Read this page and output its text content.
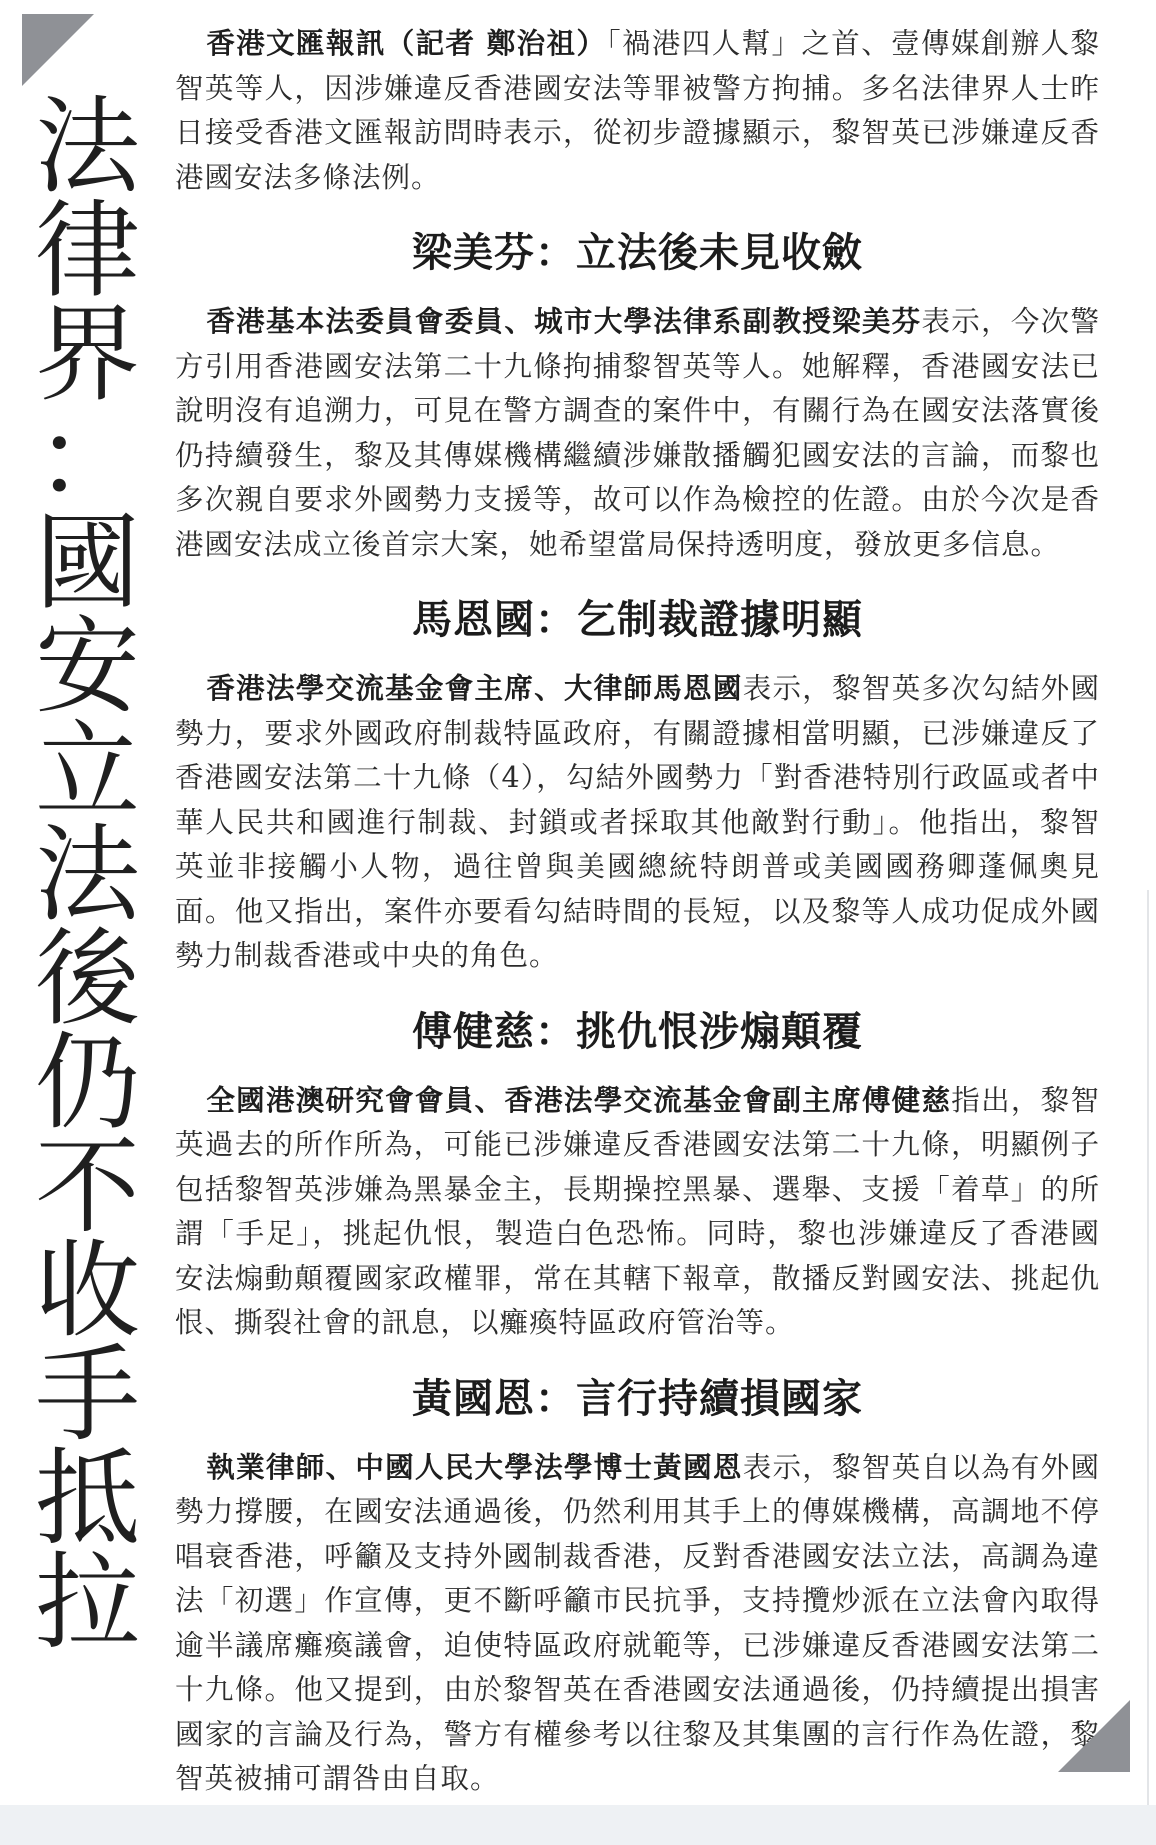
法
律
界
：
國
安
立
法
後
仍
不
收
手
抵
拉

香港文匯報訊（記者 鄭治祖）「禍港四人幫」之首、壹傳媒創辦人黎智英等人，因涉嫌違反香港國安法等罪被警方拘捕。多名法律界人士昨日接受香港文匯報訪問時表示，從初步證據顯示，黎智英已涉嫌違反香港國安法多條法例。

梁美芬：立法後未見收斂

香港基本法委員會委員、城市大學法律系副教授梁美芬表示，今次警方引用香港國安法第二十九條拘捕黎智英等人。她解釋，香港國安法已說明沒有追溯力，可見在警方調查的案件中，有關行為在國安法落實後仍持續發生，黎及其傳媒機構繼續涉嫌散播觸犯國安法的言論，而黎也多次親自要求外國勢力支援等，故可以作為檢控的佐證。由於今次是香港國安法成立後首宗大案，她希望當局保持透明度，發放更多信息。

馬恩國：乞制裁證據明顯

香港法學交流基金會主席、大律師馬恩國表示，黎智英多次勾結外國勢力，要求外國政府制裁特區政府，有關證據相當明顯，已涉嫌違反了香港國安法第二十九條（4），勾結外國勢力「對香港特別行政區或者中華人民共和國進行制裁、封鎖或者採取其他敵對行動」。他指出，黎智英並非接觸小人物，過往曾與美國總統特朗普或美國國務卿蓬佩奧見面。他又指出，案件亦要看勾結時間的長短，以及黎等人成功促成外國勢力制裁香港或中央的角色。

傅健慈：挑仇恨涉煽顛覆

全國港澳研究會會員、香港法學交流基金會副主席傅健慈指出，黎智英過去的所作所為，可能已涉嫌違反香港國安法第二十九條，明顯例子包括黎智英涉嫌為黑暴金主，長期操控黑暴、選舉、支援「着草」的所謂「手足」，挑起仇恨，製造白色恐怖。同時，黎也涉嫌違反了香港國安法煽動顛覆國家政權罪，常在其轄下報章，散播反對國安法、挑起仇恨、撕裂社會的訊息，以癱瘓特區政府管治等。

黃國恩：言行持續損國家

執業律師、中國人民大學法學博士黃國恩表示，黎智英自以為有外國勢力撐腰，在國安法通過後，仍然利用其手上的傳媒機構，高調地不停唱衰香港，呼籲及支持外國制裁香港，反對香港國安法立法，高調為違法「初選」作宣傳，更不斷呼籲市民抗爭，支持攬炒派在立法會內取得逾半議席癱瘓議會，迫使特區政府就範等，已涉嫌違反香港國安法第二十九條。他又提到，由於黎智英在香港國安法通過後，仍持續提出損害國家的言論及行為，警方有權參考以往黎及其集團的言行作為佐證，黎智英被捕可謂咎由自取。
